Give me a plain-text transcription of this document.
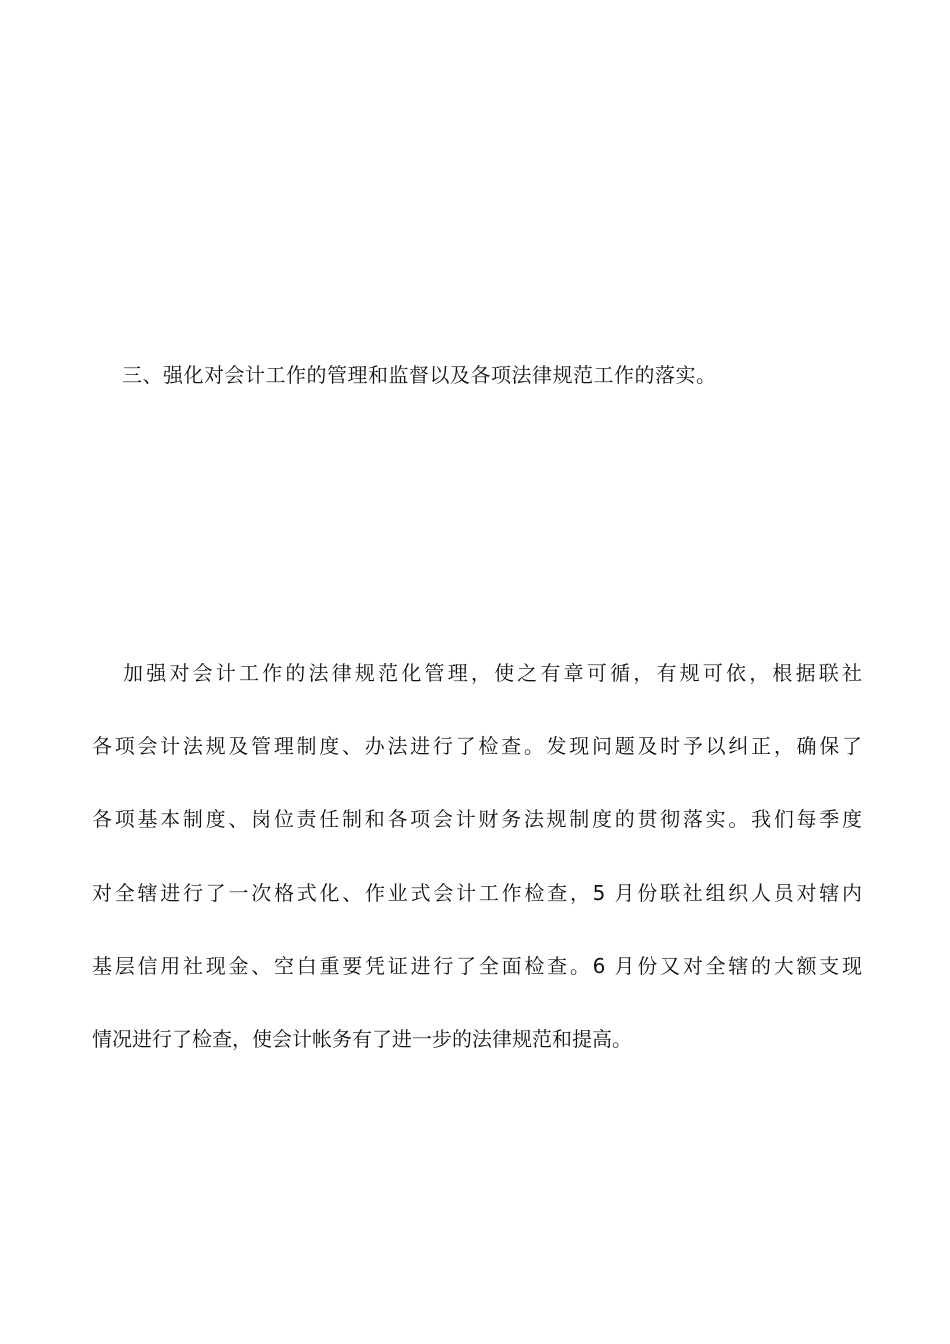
三、强化对会计工作的管理和监督以及各项法律规范工作的落实。
加强对会计工作的法律规范化管理，使之有章可循，有规可依，根据联社
各项会计法规及管理制度、办法进行了检查。发现问题及时予以纠正，确保了
各项基本制度、岗位责任制和各项会计财务法规制度的贯彻落实。我们每季度
对全辖进行了一次格式化、作业式会计工作检查，5 月份联社组织人员对辖内
基层信用社现金、空白重要凭证进行了全面检查。6 月份又对全辖的大额支现
情况进行了检查，使会计帐务有了进一步的法律规范和提高。
